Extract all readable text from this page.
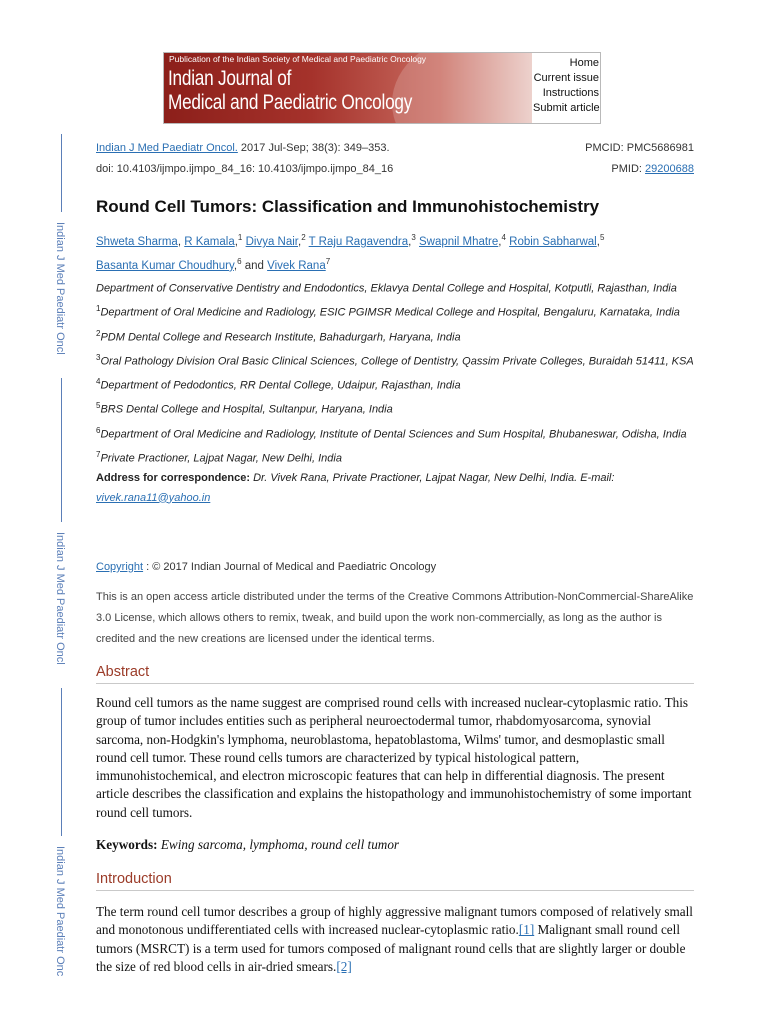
Publication of the Indian Society of Medical and Paediatric Oncology
Indian Journal of
Medical and Paediatric Oncology
Home
Current issue
Instructions
Submit article
Indian J Med Paediatr Oncl
Indian J Med Paediatr Oncl
Indian J Med Paediatr Onc
Indian J Med Paediatr Oncol. 2017 Jul-Sep; 38(3): 349–353.	PMCID: PMC5686981
doi: 10.4103/ijmpo.ijmpo_84_16: 10.4103/ijmpo.ijmpo_84_16	PMID: 29200688
Round Cell Tumors: Classification and Immunohistochemistry
Shweta Sharma, R Kamala,$^1$ Divya Nair,$^2$ T Raju Ragavendra,$^3$ Swapnil Mhatre,$^4$ Robin Sabharwal,$^5$
Basanta Kumar Choudhury,$^6$ and Vivek Rana$^7$
Department of Conservative Dentistry and Endodontics, Eklavya Dental College and Hospital, Kotputli, Rajasthan, India
$^1$Department of Oral Medicine and Radiology, ESIC PGIMSR Medical College and Hospital, Bengaluru, Karnataka, India
$^2$PDM Dental College and Research Institute, Bahadurgarh, Haryana, India
$^3$Oral Pathology Division Oral Basic Clinical Sciences, College of Dentistry, Qassim Private Colleges, Buraidah 51411, KSA
$^4$Department of Pedodontics, RR Dental College, Udaipur, Rajasthan, India
$^5$BRS Dental College and Hospital, Sultanpur, Haryana, India
$^6$Department of Oral Medicine and Radiology, Institute of Dental Sciences and Sum Hospital, Bhubaneswar, Odisha, India
$^7$Private Practioner, Lajpat Nagar, New Delhi, India
Address for correspondence: Dr. Vivek Rana, Private Practioner, Lajpat Nagar, New Delhi, India. E-mail: vivek.rana11@yahoo.in
Copyright : © 2017 Indian Journal of Medical and Paediatric Oncology
This is an open access article distributed under the terms of the Creative Commons Attribution-NonCommercial-ShareAlike 3.0 License, which allows others to remix, tweak, and build upon the work non-commercially, as long as the author is credited and the new creations are licensed under the identical terms.
Abstract
Round cell tumors as the name suggest are comprised round cells with increased nuclear-cytoplasmic ratio. This group of tumor includes entities such as peripheral neuroectodermal tumor, rhabdomyosarcoma, synovial sarcoma, non-Hodgkin's lymphoma, neuroblastoma, hepatoblastoma, Wilms' tumor, and desmoplastic small round cell tumor. These round cells tumors are characterized by typical histological pattern, immunohistochemical, and electron microscopic features that can help in differential diagnosis. The present article describes the classification and explains the histopathology and immunohistochemistry of some important round cell tumors.
Keywords: Ewing sarcoma, lymphoma, round cell tumor
Introduction
The term round cell tumor describes a group of highly aggressive malignant tumors composed of relatively small and monotonous undifferentiated cells with increased nuclear-cytoplasmic ratio.[1] Malignant small round cell tumors (MSRCT) is a term used for tumors composed of malignant round cells that are slightly larger or double the size of red blood cells in air-dried smears.[2]
